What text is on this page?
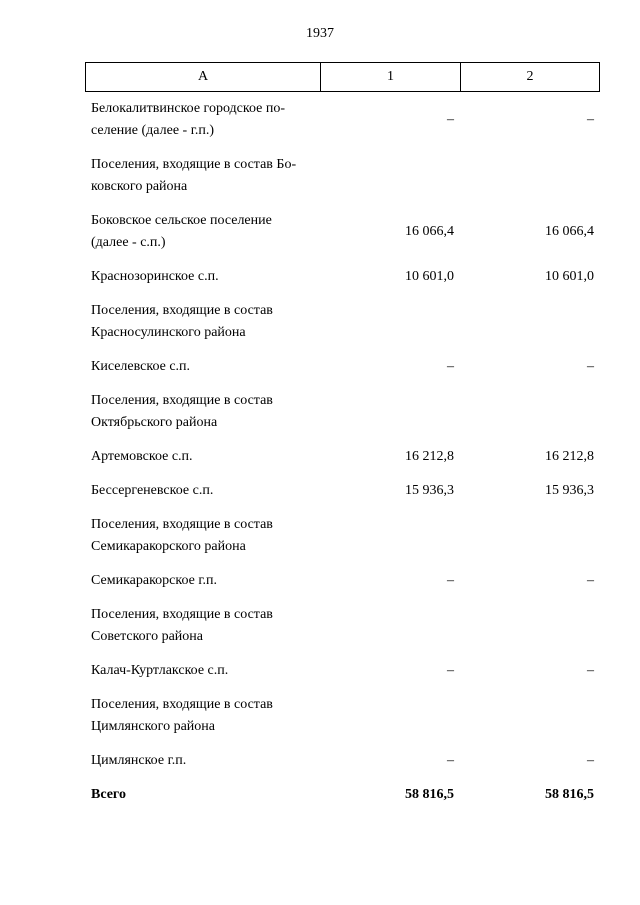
1937
А	1	2
Белокалитвинское городское по-
селение (далее - г.п.)
–	–
Поселения, входящие в состав Бо-
ковского района
Боковское сельское поселение
(далее - с.п.)
16 066,4	16 066,4
Краснозоринское с.п.	10 601,0	10 601,0
Поселения, входящие в состав
Красносулинского района
Киселевское с.п.	–	–
Поселения, входящие в состав
Октябрьского района
Артемовское с.п.	16 212,8	16 212,8
Бессергеневское с.п.	15 936,3	15 936,3
Поселения, входящие в состав
Семикаракорского района
Семикаракорское г.п.	–	–
Поселения, входящие в состав
Советского района
Калач-Куртлакское с.п.	–	–
Поселения, входящие в состав
Цимлянского района
Цимлянское г.п.	–	–
Всего	58 816,5	58 816,5
